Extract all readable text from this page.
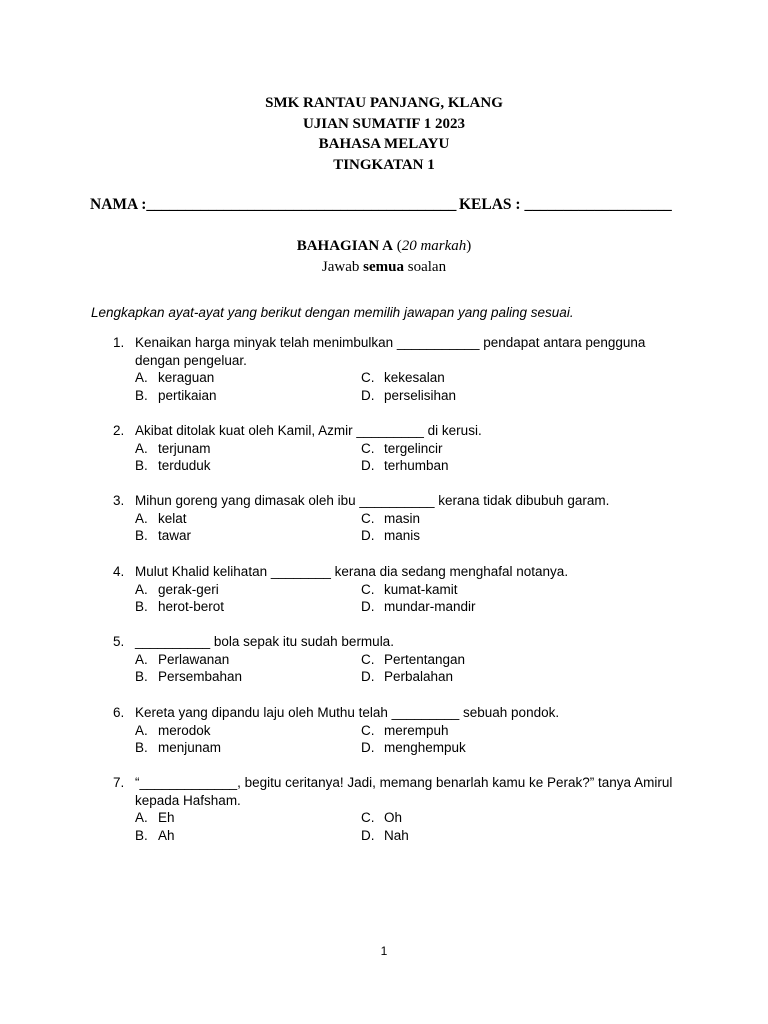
SMK RANTAU PANJANG, KLANG
UJIAN SUMATIF 1 2023
BAHASA MELAYU
TINGKATAN 1
NAMA :________________________________________ KELAS : ___________________
BAHAGIAN A (20 markah)
Jawab semua soalan
Lengkapkan ayat-ayat yang berikut dengan memilih jawapan yang paling sesuai.
1. Kenaikan harga minyak telah menimbulkan ___________ pendapat antara pengguna dengan pengeluar.
A. keraguan
B. pertikaian
C. kekesalan
D. perselisihan
2. Akibat ditolak kuat oleh Kamil, Azmir _________ di kerusi.
A. terjunam
B. terduduk
C. tergelincir
D. terhumban
3. Mihun goreng yang dimasak oleh ibu __________ kerana tidak dibubuh garam.
A. kelat
B. tawar
C. masin
D. manis
4. Mulut Khalid kelihatan ________ kerana dia sedang menghafal notanya.
A. gerak-geri
B. herot-berot
C. kumat-kamit
D. mundar-mandir
5. __________ bola sepak itu sudah bermula.
A. Perlawanan
B. Persembahan
C. Pertentangan
D. Perbalahan
6. Kereta yang dipandu laju oleh Muthu telah _________ sebuah pondok.
A. merodok
B. menjunam
C. merempuh
D. menghempuk
7. “_____________, begitu ceritanya! Jadi, memang benarlah kamu ke Perak?” tanya Amirul kepada Hafsham.
A. Eh
B. Ah
C. Oh
D. Nah
1
